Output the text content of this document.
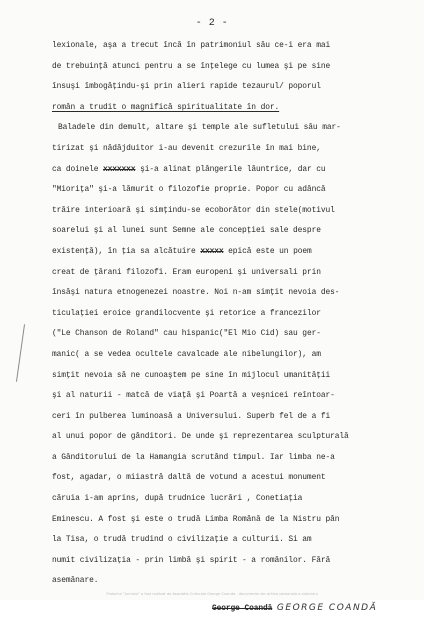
- 2 -
lexionale, aşa a trecut încă în patrimoniul său ce-i era mai
de trebuinţă atunci pentru a se înţelege cu lumea şi pe sine
însuşi îmbogăţindu-şi prin alieri rapide tezaurul/ poporul
român a trudit o magnifică spiritualitate în dor.
Baladele din demult, altare şi temple ale sufletului său mar-
tirizat şi nădăjduitor i-au devenit crezurile în mai bine,
ca doinele xxxxxxx şi-a alinat plângerile lăuntrice, dar cu
"Mioriţa" şi-a lămurit o filozofie proprie. Popor cu adâncă
trăire interioară şi simţindu-se ecoborâtor din stele(motivul
soarelui şi al lunei sunt Semne ale concepţiei sale despre
existenţă), în ţia sa alcătuire xxxxx epică este un poem
creat de ţărani filozofi. Eram europeni şi universali prin
însăşi natura etnogenezei noastre. Noi n-am simţit nevoia des-
ticulaţiei eroice grandilocvente şi retorice a francezilor
("Le Chanson de Roland" cau hispanic("El Mio Cid) sau ger-
manic( a se vedea ocultele cavalcade ale nibelungilor), am
simţit nevoia să ne cunoaştem pe sine în mijlocul umanităţii
şi al naturii - matcă de viaţă şi Poartă a veşnicei reîntoar-
ceri în pulberea luminoasă a Universului. Superb fel de a fi
al unui popor de gânditori. De unde şi reprezentarea sculpturală
a Gânditorului de la Hamangia scrutând timpul. Iar limba ne-a
fost, agadar, o miiastră daltă de votund a acestui monument
căruia i-am aprins, după trudnice lucrări , Conetiaţia
Eminescu. A fost şi este o trudă Limba Română de la Nistru pân
la Tisa, o trudă trudind o civilizaţie a culturii. Si am
numit civilizaţia - prin limbă şi spirit - a românilor. Fără
asemănare.
George Coandă GEORGE COANDĂ
Proiectul "Jurnalul" a fost realizat de Asociatia Culturala George Coanda - documente din arhiva personala a autorului
